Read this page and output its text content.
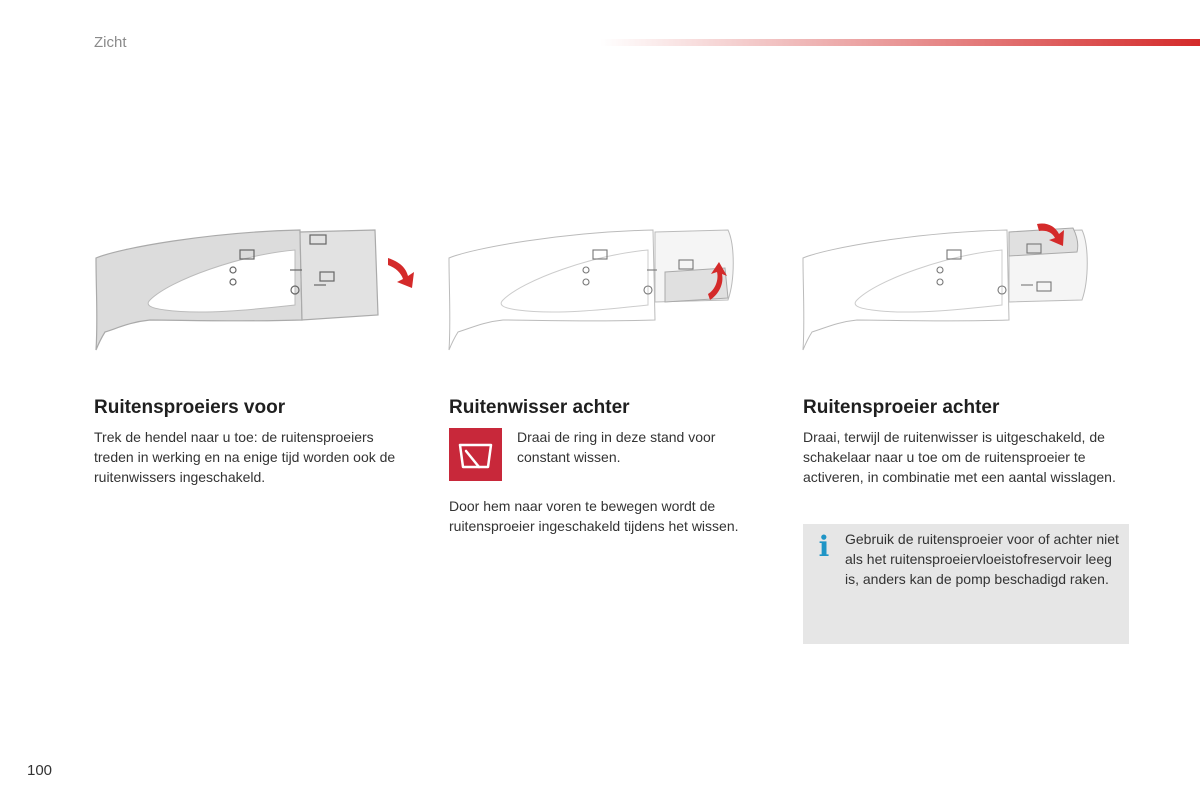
Zicht
Ruitensproeiers voor

Trek de hendel naar u toe: de ruitensproeiers treden in werking en na enige tijd worden ook de ruitenwissers ingeschakeld.

Ruitenwisser achter

Draai de ring in deze stand voor constant wissen.

Door hem naar voren te bewegen wordt de ruitensproeier ingeschakeld tijdens het wissen.

Ruitensproeier achter

Draai, terwijl de ruitenwisser is uitgeschakeld, de schakelaar naar u toe om de ruitensproeier te activeren, in combinatie met een aantal wisslagen.

i	Gebruik de ruitensproeier voor of achter niet als het ruitensproeiervloeistofreservoir leeg is, anders kan de pomp beschadigd raken.

100
